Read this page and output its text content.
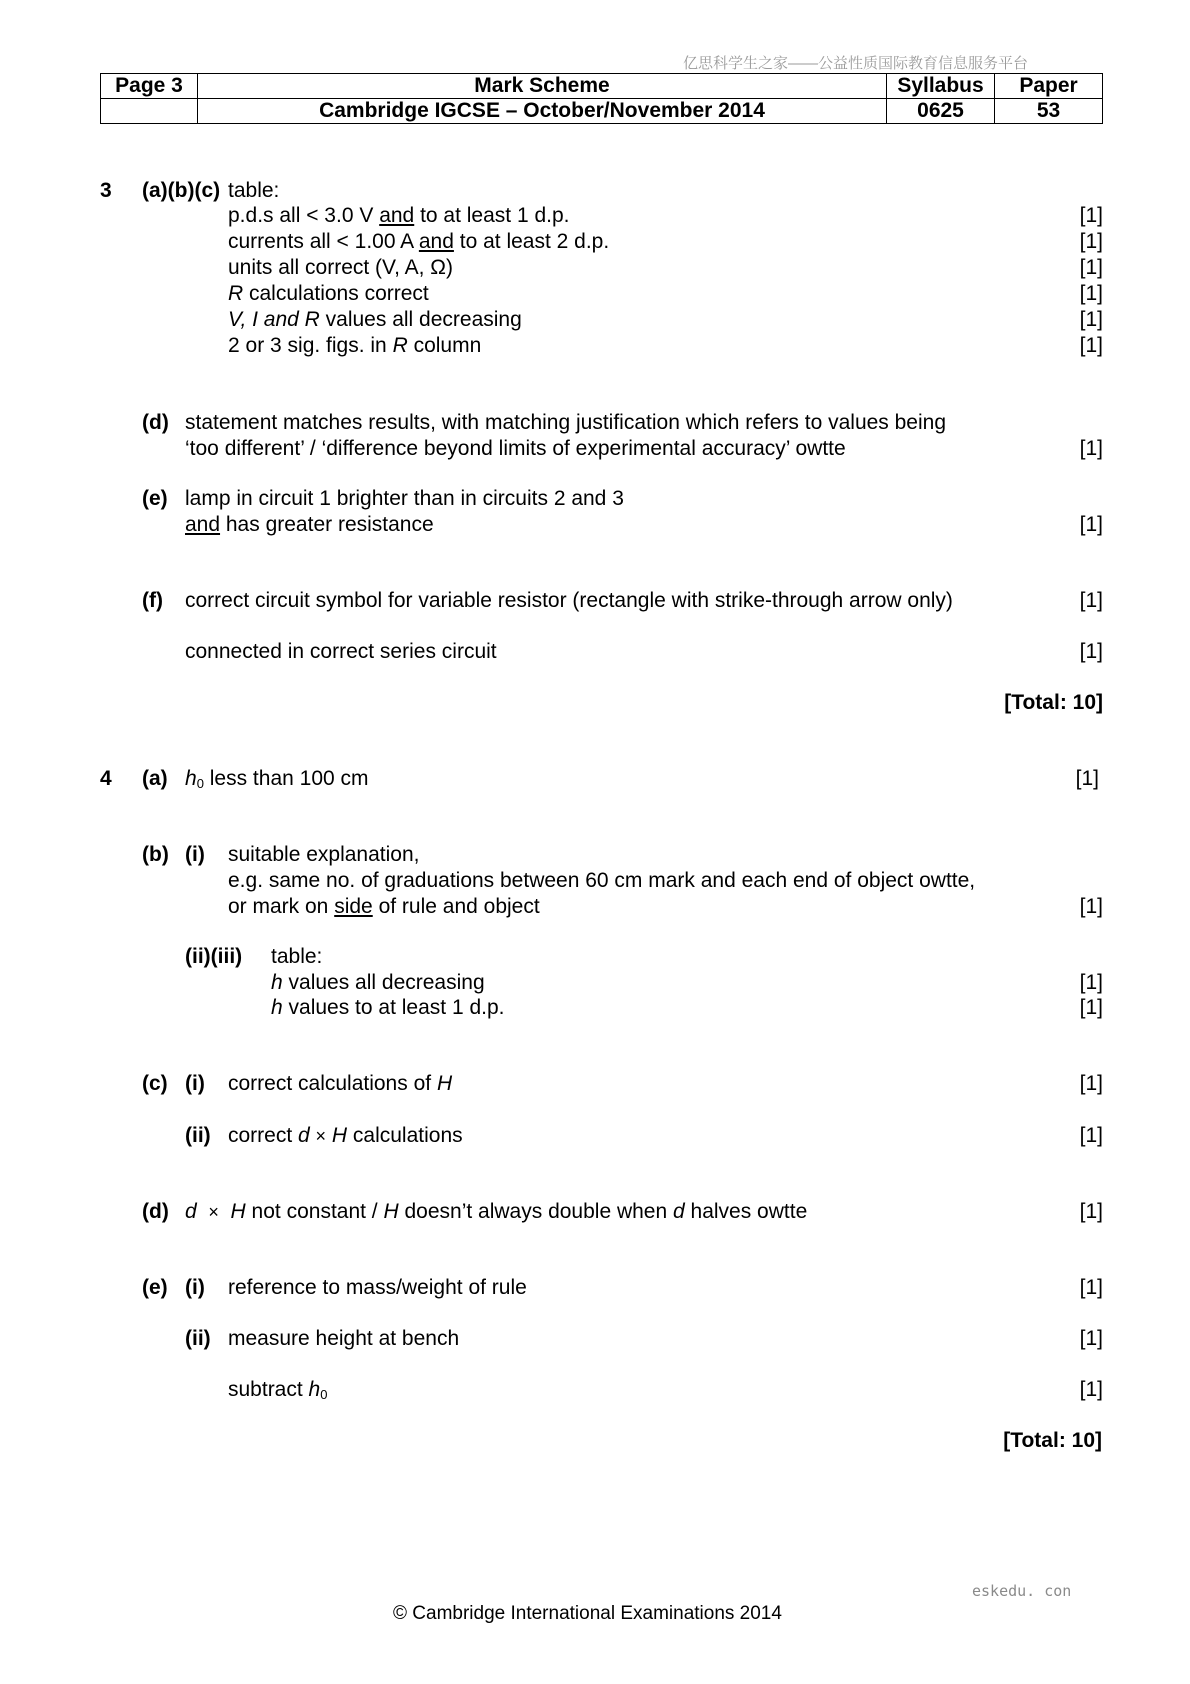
亿思科学生之家——公益性质国际教育信息服务平台
Page 3	Mark Scheme	Syllabus	Paper
	Cambridge IGCSE – October/November 2014	0625	53
3 (a)(b)(c) table:
p.d.s all < 3.0 V and to at least 1 d.p.	[1]
currents all < 1.00 A and to at least 2 d.p.	[1]
units all correct (V, A, Ω)	[1]
R calculations correct	[1]
V, I and R values all decreasing	[1]
2 or 3 sig. figs. in R column	[1]
(d) statement matches results, with matching justification which refers to values being
‘too different’ / ‘difference beyond limits of experimental accuracy’ owtte	[1]
(e) lamp in circuit 1 brighter than in circuits 2 and 3
and has greater resistance	[1]
(f) correct circuit symbol for variable resistor (rectangle with strike-through arrow only)	[1]
connected in correct series circuit	[1]
[Total: 10]
4 (a) $h_0$ less than 100 cm	[1]
(b) (i) suitable explanation,
e.g. same no. of graduations between 60 cm mark and each end of object owtte,
or mark on side of rule and object	[1]
(ii)(iii) table:
h values all decreasing	[1]
h values to at least 1 d.p.	[1]
(c) (i) correct calculations of H	[1]
(ii) correct d × H calculations	[1]
(d) d × H not constant / H doesn’t always double when d halves owtte	[1]
(e) (i) reference to mass/weight of rule	[1]
(ii) measure height at bench	[1]
subtract $h_0$	[1]
[Total: 10]
eskedu. con
© Cambridge International Examinations 2014
